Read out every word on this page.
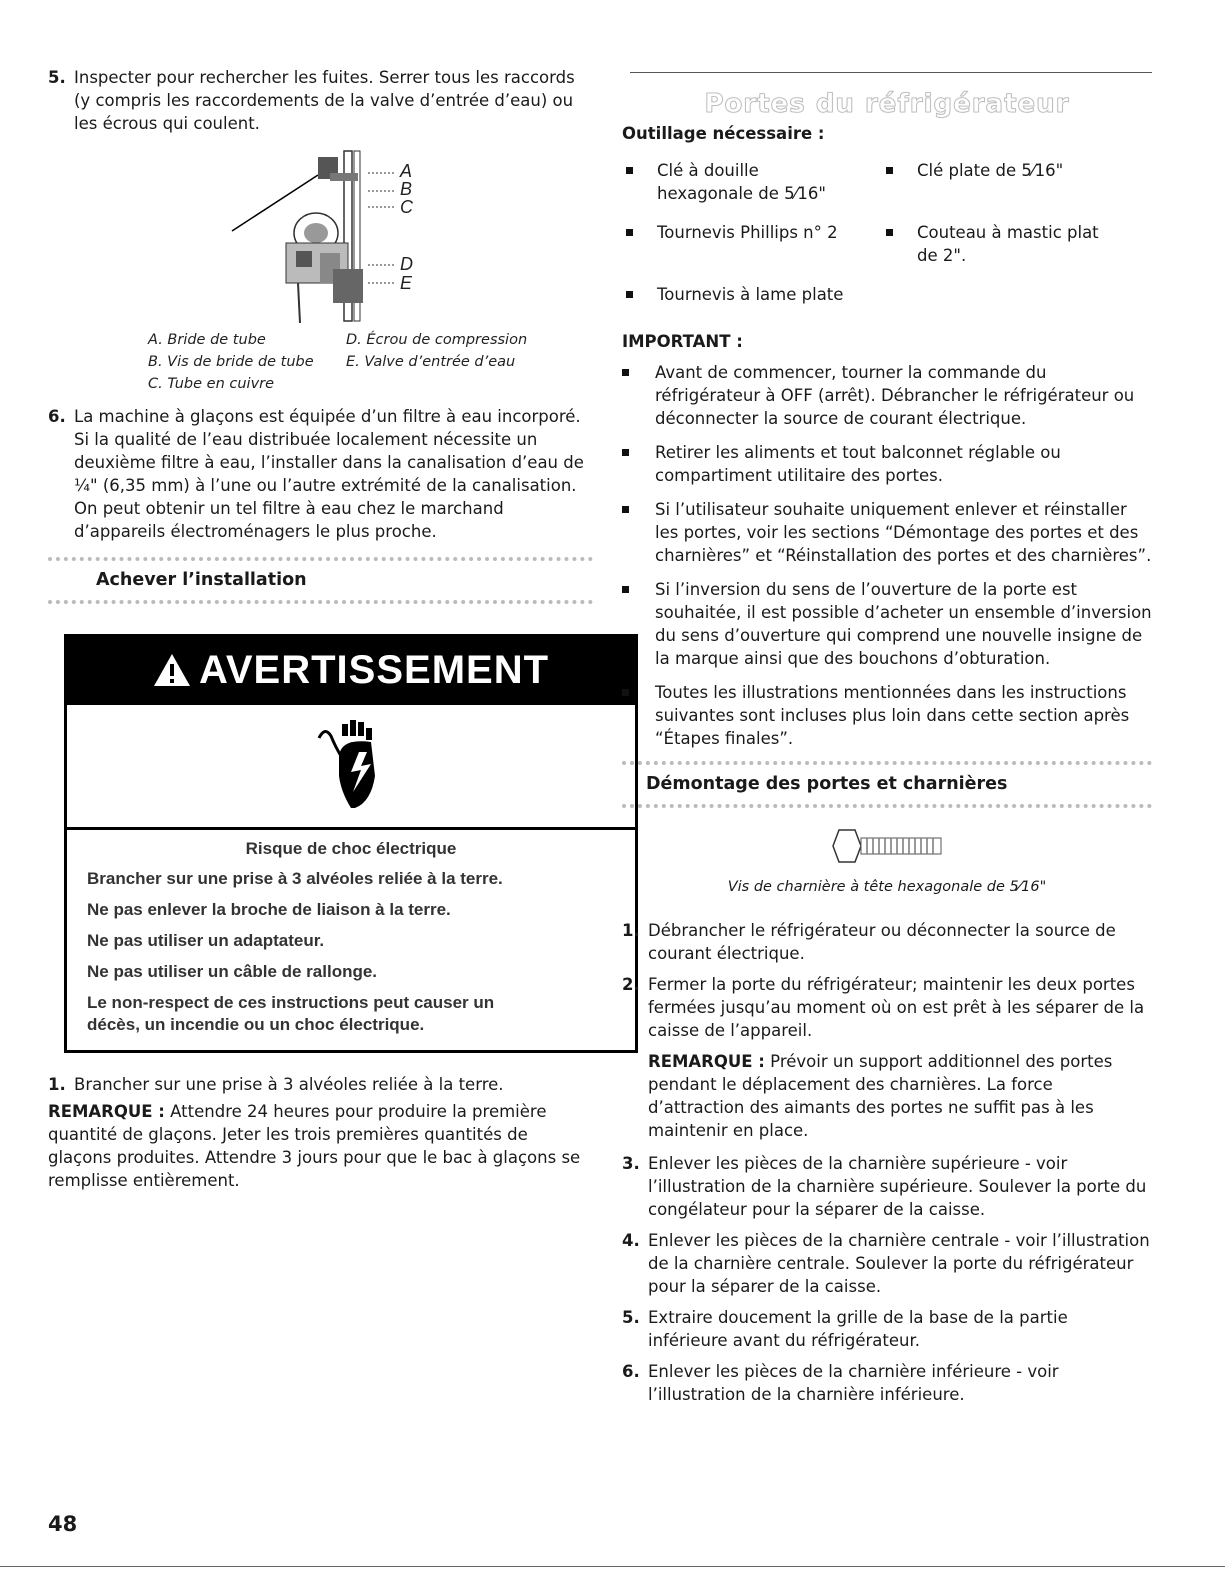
5. Inspecter pour rechercher les fuites. Serrer tous les raccords (y compris les raccordements de la valve d’entrée d’eau) ou les écrous qui coulent.
A
B
C
D
E
A. Bride de tube	D. Écrou de compression
B. Vis de bride de tube	E. Valve d’entrée d’eau
C. Tube en cuivre
6. La machine à glaçons est équipée d’un filtre à eau incorporé. Si la qualité de l’eau distribuée localement nécessite un deuxième filtre à eau, l’installer dans la canalisation d’eau de ¼" (6,35 mm) à l’une ou l’autre extrémité de la canalisation. On peut obtenir un tel filtre à eau chez le marchand d’appareils électroménagers le plus proche.
Achever l’installation
AVERTISSEMENT
Risque de choc électrique
Brancher sur une prise à 3 alvéoles reliée à la terre.
Ne pas enlever la broche de liaison à la terre.
Ne pas utiliser un adaptateur.
Ne pas utiliser un câble de rallonge.
Le non-respect de ces instructions peut causer un décès, un incendie ou un choc électrique.
1. Brancher sur une prise à 3 alvéoles reliée à la terre.

REMARQUE : Attendre 24 heures pour produire la première quantité de glaçons. Jeter les trois premières quantités de glaçons produites. Attendre 3 jours pour que le bac à glaçons se remplisse entièrement.

Portes du réfrigérateur
Outillage nécessaire :
Clé à douille hexagonale de 5⁄16"
Clé plate de 5⁄16"
Tournevis Phillips n° 2	Couteau à mastic plat de 2".
Tournevis à lame plate
IMPORTANT :
Avant de commencer, tourner la commande du réfrigérateur à OFF (arrêt). Débrancher le réfrigérateur ou déconnecter la source de courant électrique.
Retirer les aliments et tout balconnet réglable ou compartiment utilitaire des portes.
Si l’utilisateur souhaite uniquement enlever et réinstaller les portes, voir les sections “Démontage des portes et des charnières” et “Réinstallation des portes et des charnières”.
Si l’inversion du sens de l’ouverture de la porte est souhaitée, il est possible d’acheter un ensemble d’inversion du sens d’ouverture qui comprend une nouvelle insigne de la marque ainsi que des bouchons d’obturation.
Toutes les illustrations mentionnées dans les instructions suivantes sont incluses plus loin dans cette section après “Étapes finales”.
Démontage des portes et charnières
Vis de charnière à tête hexagonale de 5⁄16"
1. Débrancher le réfrigérateur ou déconnecter la source de courant électrique.
2. Fermer la porte du réfrigérateur; maintenir les deux portes fermées jusqu’au moment où on est prêt à les séparer de la caisse de l’appareil.

REMARQUE : Prévoir un support additionnel des portes pendant le déplacement des charnières. La force d’attraction des aimants des portes ne suffit pas à les maintenir en place.

3. Enlever les pièces de la charnière supérieure - voir l’illustration de la charnière supérieure. Soulever la porte du congélateur pour la séparer de la caisse.
4. Enlever les pièces de la charnière centrale - voir l’illustration de la charnière centrale. Soulever la porte du réfrigérateur pour la séparer de la caisse.
5. Extraire doucement la grille de la base de la partie inférieure avant du réfrigérateur.
6. Enlever les pièces de la charnière inférieure - voir l’illustration de la charnière inférieure.
48
